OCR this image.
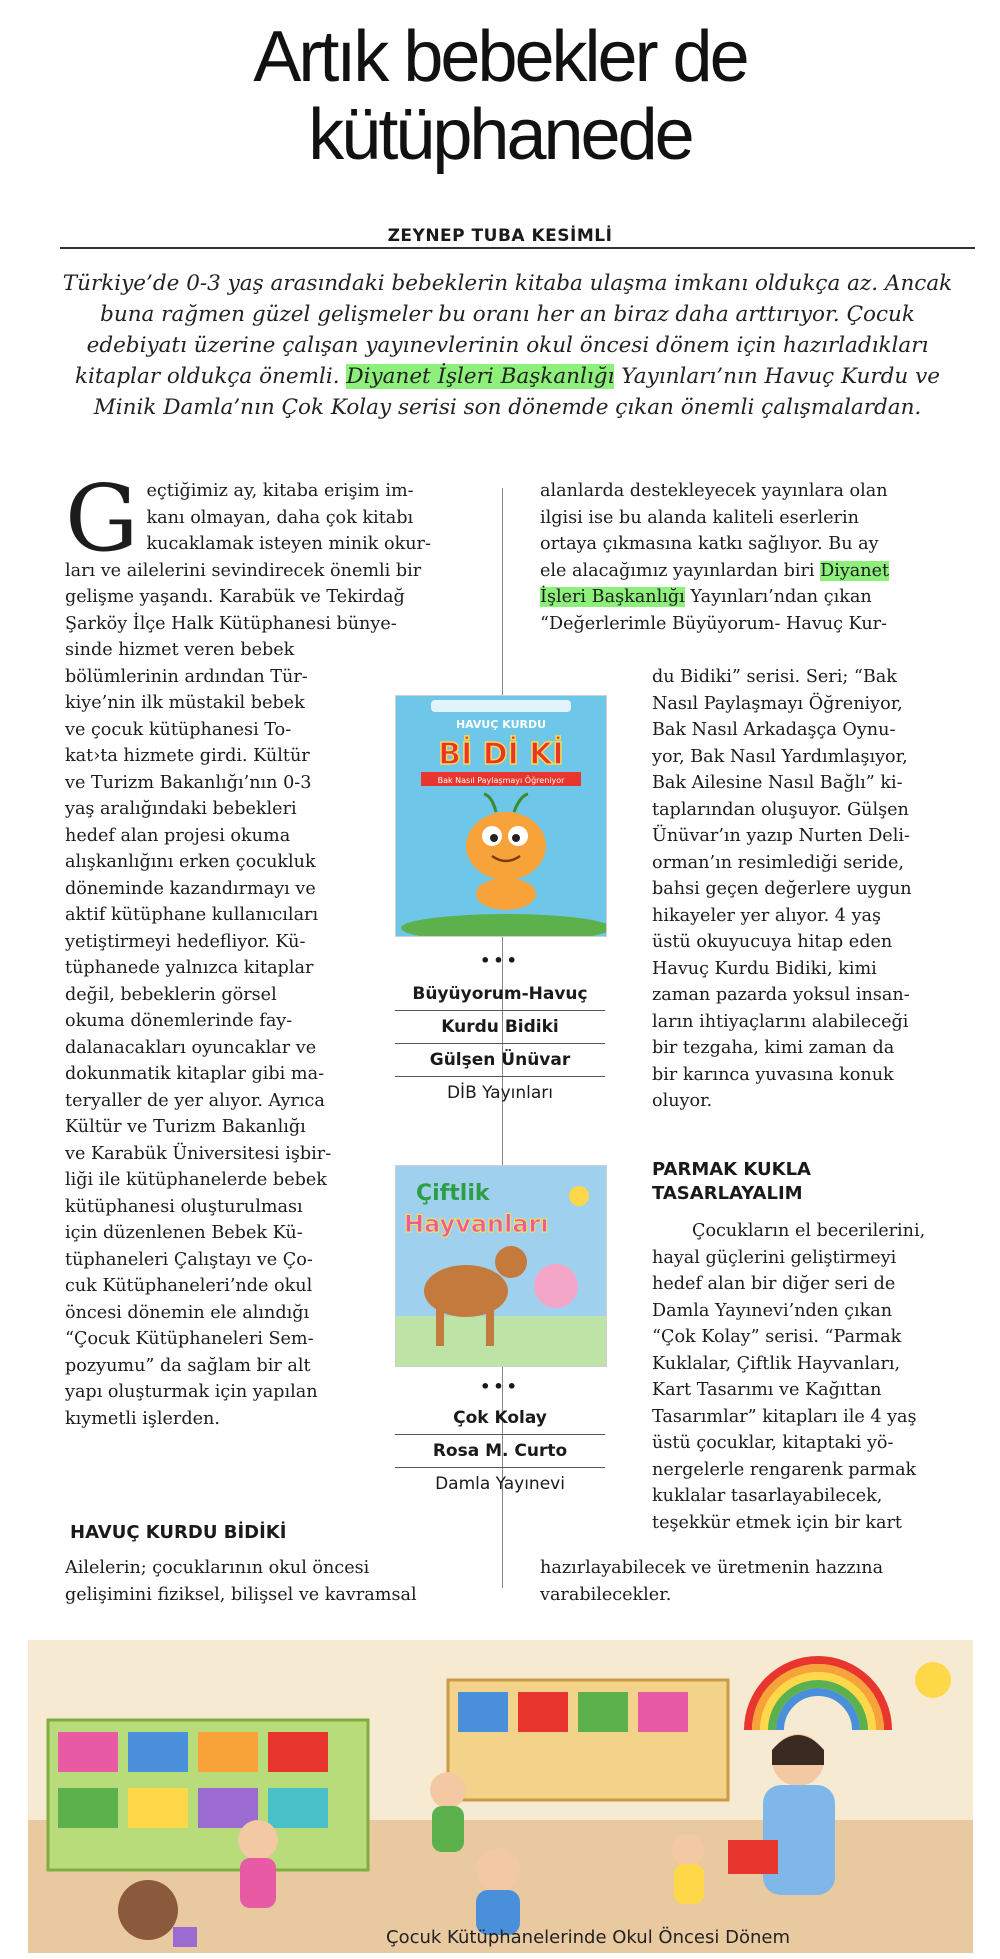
Artık bebekler de
kütüphanede
ZEYNEP TUBA KESİMLİ
Türkiye’de 0-3 yaş arasındaki bebeklerin kitaba ulaşma imkanı oldukça az. Ancak buna rağmen güzel gelişmeler bu oranı her an biraz daha arttırıyor. Çocuk edebiyatı üzerine çalışan yayınevlerinin okul öncesi dönem için hazırladıkları kitaplar oldukça önemli. Diyanet İşleri Başkanlığı Yayınları’nın Havuç Kurdu ve Minik Damla’nın Çok Kolay serisi son dönemde çıkan önemli çalışmalardan.
G eçtiğimiz ay, kitaba erişim im-

kanı olmayan, daha çok kitabı

kucaklamak isteyen minik okur-

ları ve ailelerini sevindirecek önemli bir

gelişme yaşandı. Karabük ve Tekirdağ

Şarköy İlçe Halk Kütüphanesi bünye-

sinde hizmet veren bebek

bölümlerinin ardından Tür-

kiye’nin ilk müstakil bebek

ve çocuk kütüphanesi To-

kat›ta hizmete girdi. Kültür

ve Turizm Bakanlığı’nın 0-3

yaş aralığındaki bebekleri

hedef alan projesi okuma

alışkanlığını erken çocukluk

döneminde kazandırmayı ve

aktif kütüphane kullanıcıları

yetiştirmeyi hedefliyor. Kü-

tüphanede yalnızca kitaplar

değil, bebeklerin görsel

okuma dönemlerinde fay-

dalanacakları oyuncaklar ve

dokunmatik kitaplar gibi ma-

teryaller de yer alıyor. Ayrıca

Kültür ve Turizm Bakanlığı

ve Karabük Üniversitesi işbir-

liği ile kütüphanelerde bebek

kütüphanesi oluşturulması

için düzenlenen Bebek Kü-

tüphaneleri Çalıştayı ve Ço-

cuk Kütüphaneleri’nde okul

öncesi dönemin ele alındığı

“Çocuk Kütüphaneleri Sem-

pozyumu” da sağlam bir alt

yapı oluşturmak için yapılan

kıymetli işlerden.

HAVUÇ KURDU BİDİKİ

Ailelerin; çocuklarının okul öncesi

gelişimini fiziksel, bilişsel ve kavramsal

alanlarda destekleyecek yayınlara olan

ilgisi ise bu alanda kaliteli eserlerin

ortaya çıkmasına katkı sağlıyor. Bu ay

ele alacağımız yayınlardan biri Diyanet

İşleri Başkanlığı Yayınları’ndan çıkan

“Değerlerimle Büyüyorum- Havuç Kur-

du Bidiki” serisi. Seri; “Bak

Nasıl Paylaşmayı Öğreniyor,

Bak Nasıl Arkadaşça Oynu-

yor, Bak Nasıl Yardımlaşıyor,

Bak Ailesine Nasıl Bağlı” ki-

taplarından oluşuyor. Gülşen

Ünüvar’ın yazıp Nurten Deli-

orman’ın resimlediği seride,

bahsi geçen değerlere uygun

hikayeler yer alıyor. 4 yaş

üstü okuyucuya hitap eden

Havuç Kurdu Bidiki, kimi

zaman pazarda yoksul insan-

ların ihtiyaçlarını alabileceği

bir tezgaha, kimi zaman da

bir karınca yuvasına konuk

oluyor.

PARMAK KUKLA
TASARLAYALIM

Çocukların el becerilerini,

hayal güçlerini geliştirmeyi

hedef alan bir diğer seri de

Damla Yayınevi’nden çıkan

“Çok Kolay” serisi. “Parmak

Kuklalar, Çiftlik Hayvanları,

Kart Tasarımı ve Kağıttan

Tasarımlar” kitapları ile 4 yaş

üstü çocuklar, kitaptaki yö-

nergelerle rengarenk parmak

kuklalar tasarlayabilecek,

teşekkür etmek için bir kart

hazırlayabilecek ve üretmenin hazzına

varabilecekler.

HAVUÇ KURDU
Bİ Dİ Kİ
Bak Nasıl Paylaşmayı Öğreniyor
•••
Büyüyorum-Havuç
Kurdu Bidiki
Gülşen Ünüvar
DİB Yayınları
Çiftlik
Hayvanları
•••
Çok Kolay
Rosa M. Curto
Damla Yayınevi
Çocuk Kütüphanelerinde Okul Öncesi Dönem
